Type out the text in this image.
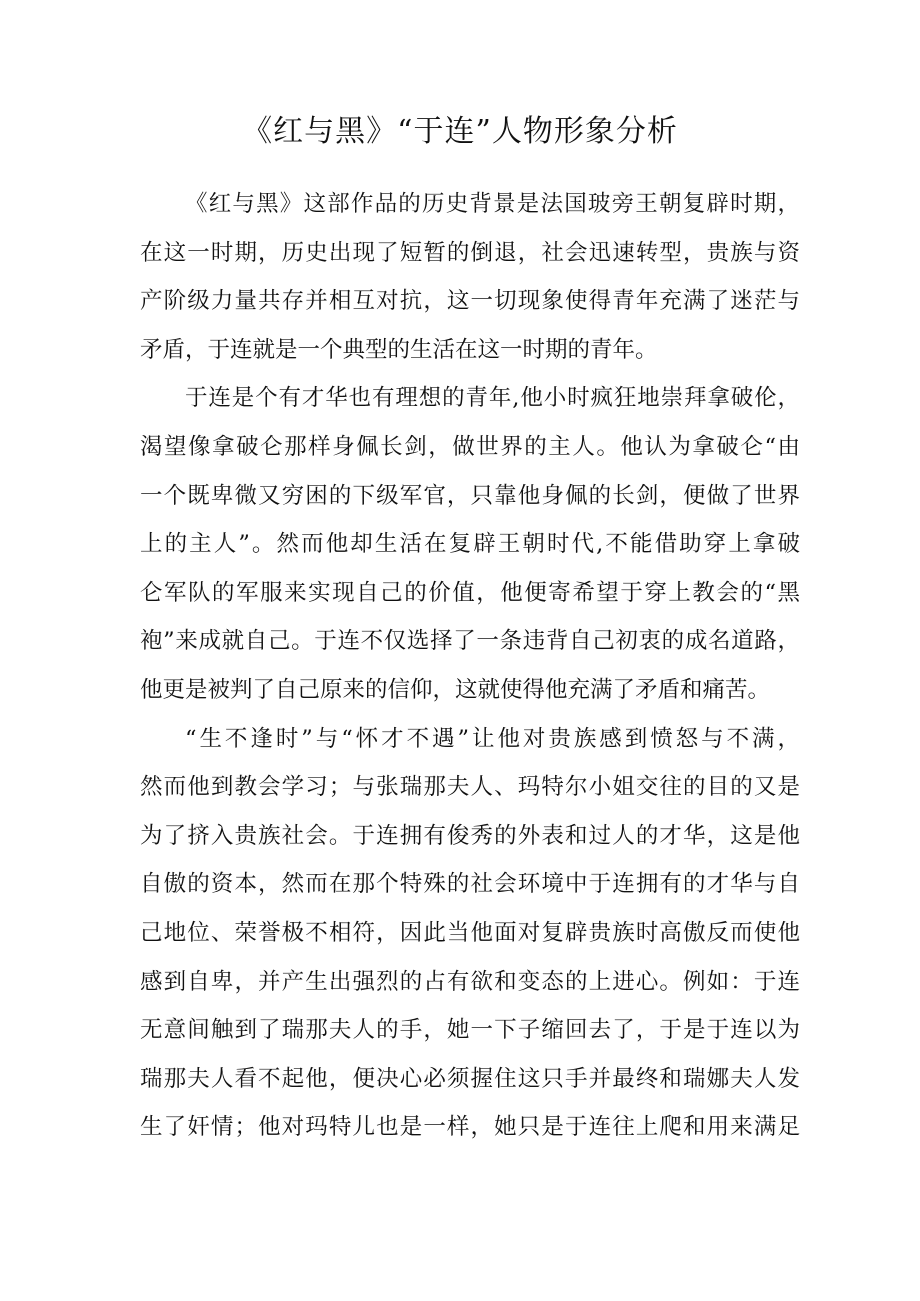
《红与黑》“于连”人物形象分析
《红与黑》这部作品的历史背景是法国玻旁王朝复辟时期，
在这一时期，历史出现了短暂的倒退，社会迅速转型，贵族与资
产阶级力量共存并相互对抗，这一切现象使得青年充满了迷茫与
矛盾，于连就是一个典型的生活在这一时期的青年。
于连是个有才华也有理想的青年,他小时疯狂地崇拜拿破伦，
渴望像拿破仑那样身佩长剑，做世界的主人。他认为拿破仑“由
一个既卑微又穷困的下级军官，只靠他身佩的长剑，便做了世界
上的主人”。然而他却生活在复辟王朝时代,不能借助穿上拿破
仑军队的军服来实现自己的价值，他便寄希望于穿上教会的“黑
袍”来成就自己。于连不仅选择了一条违背自己初衷的成名道路，
他更是被判了自己原来的信仰，这就使得他充满了矛盾和痛苦。
“生不逢时”与“怀才不遇”让他对贵族感到愤怒与不满，
然而他到教会学习；与张瑞那夫人、玛特尔小姐交往的目的又是
为了挤入贵族社会。于连拥有俊秀的外表和过人的才华，这是他
自傲的资本，然而在那个特殊的社会环境中于连拥有的才华与自
己地位、荣誉极不相符，因此当他面对复辟贵族时高傲反而使他
感到自卑，并产生出强烈的占有欲和变态的上进心。例如：于连
无意间触到了瑞那夫人的手，她一下子缩回去了，于是于连以为
瑞那夫人看不起他，便决心必须握住这只手并最终和瑞娜夫人发
生了奸情；他对玛特儿也是一样，她只是于连往上爬和用来满足
